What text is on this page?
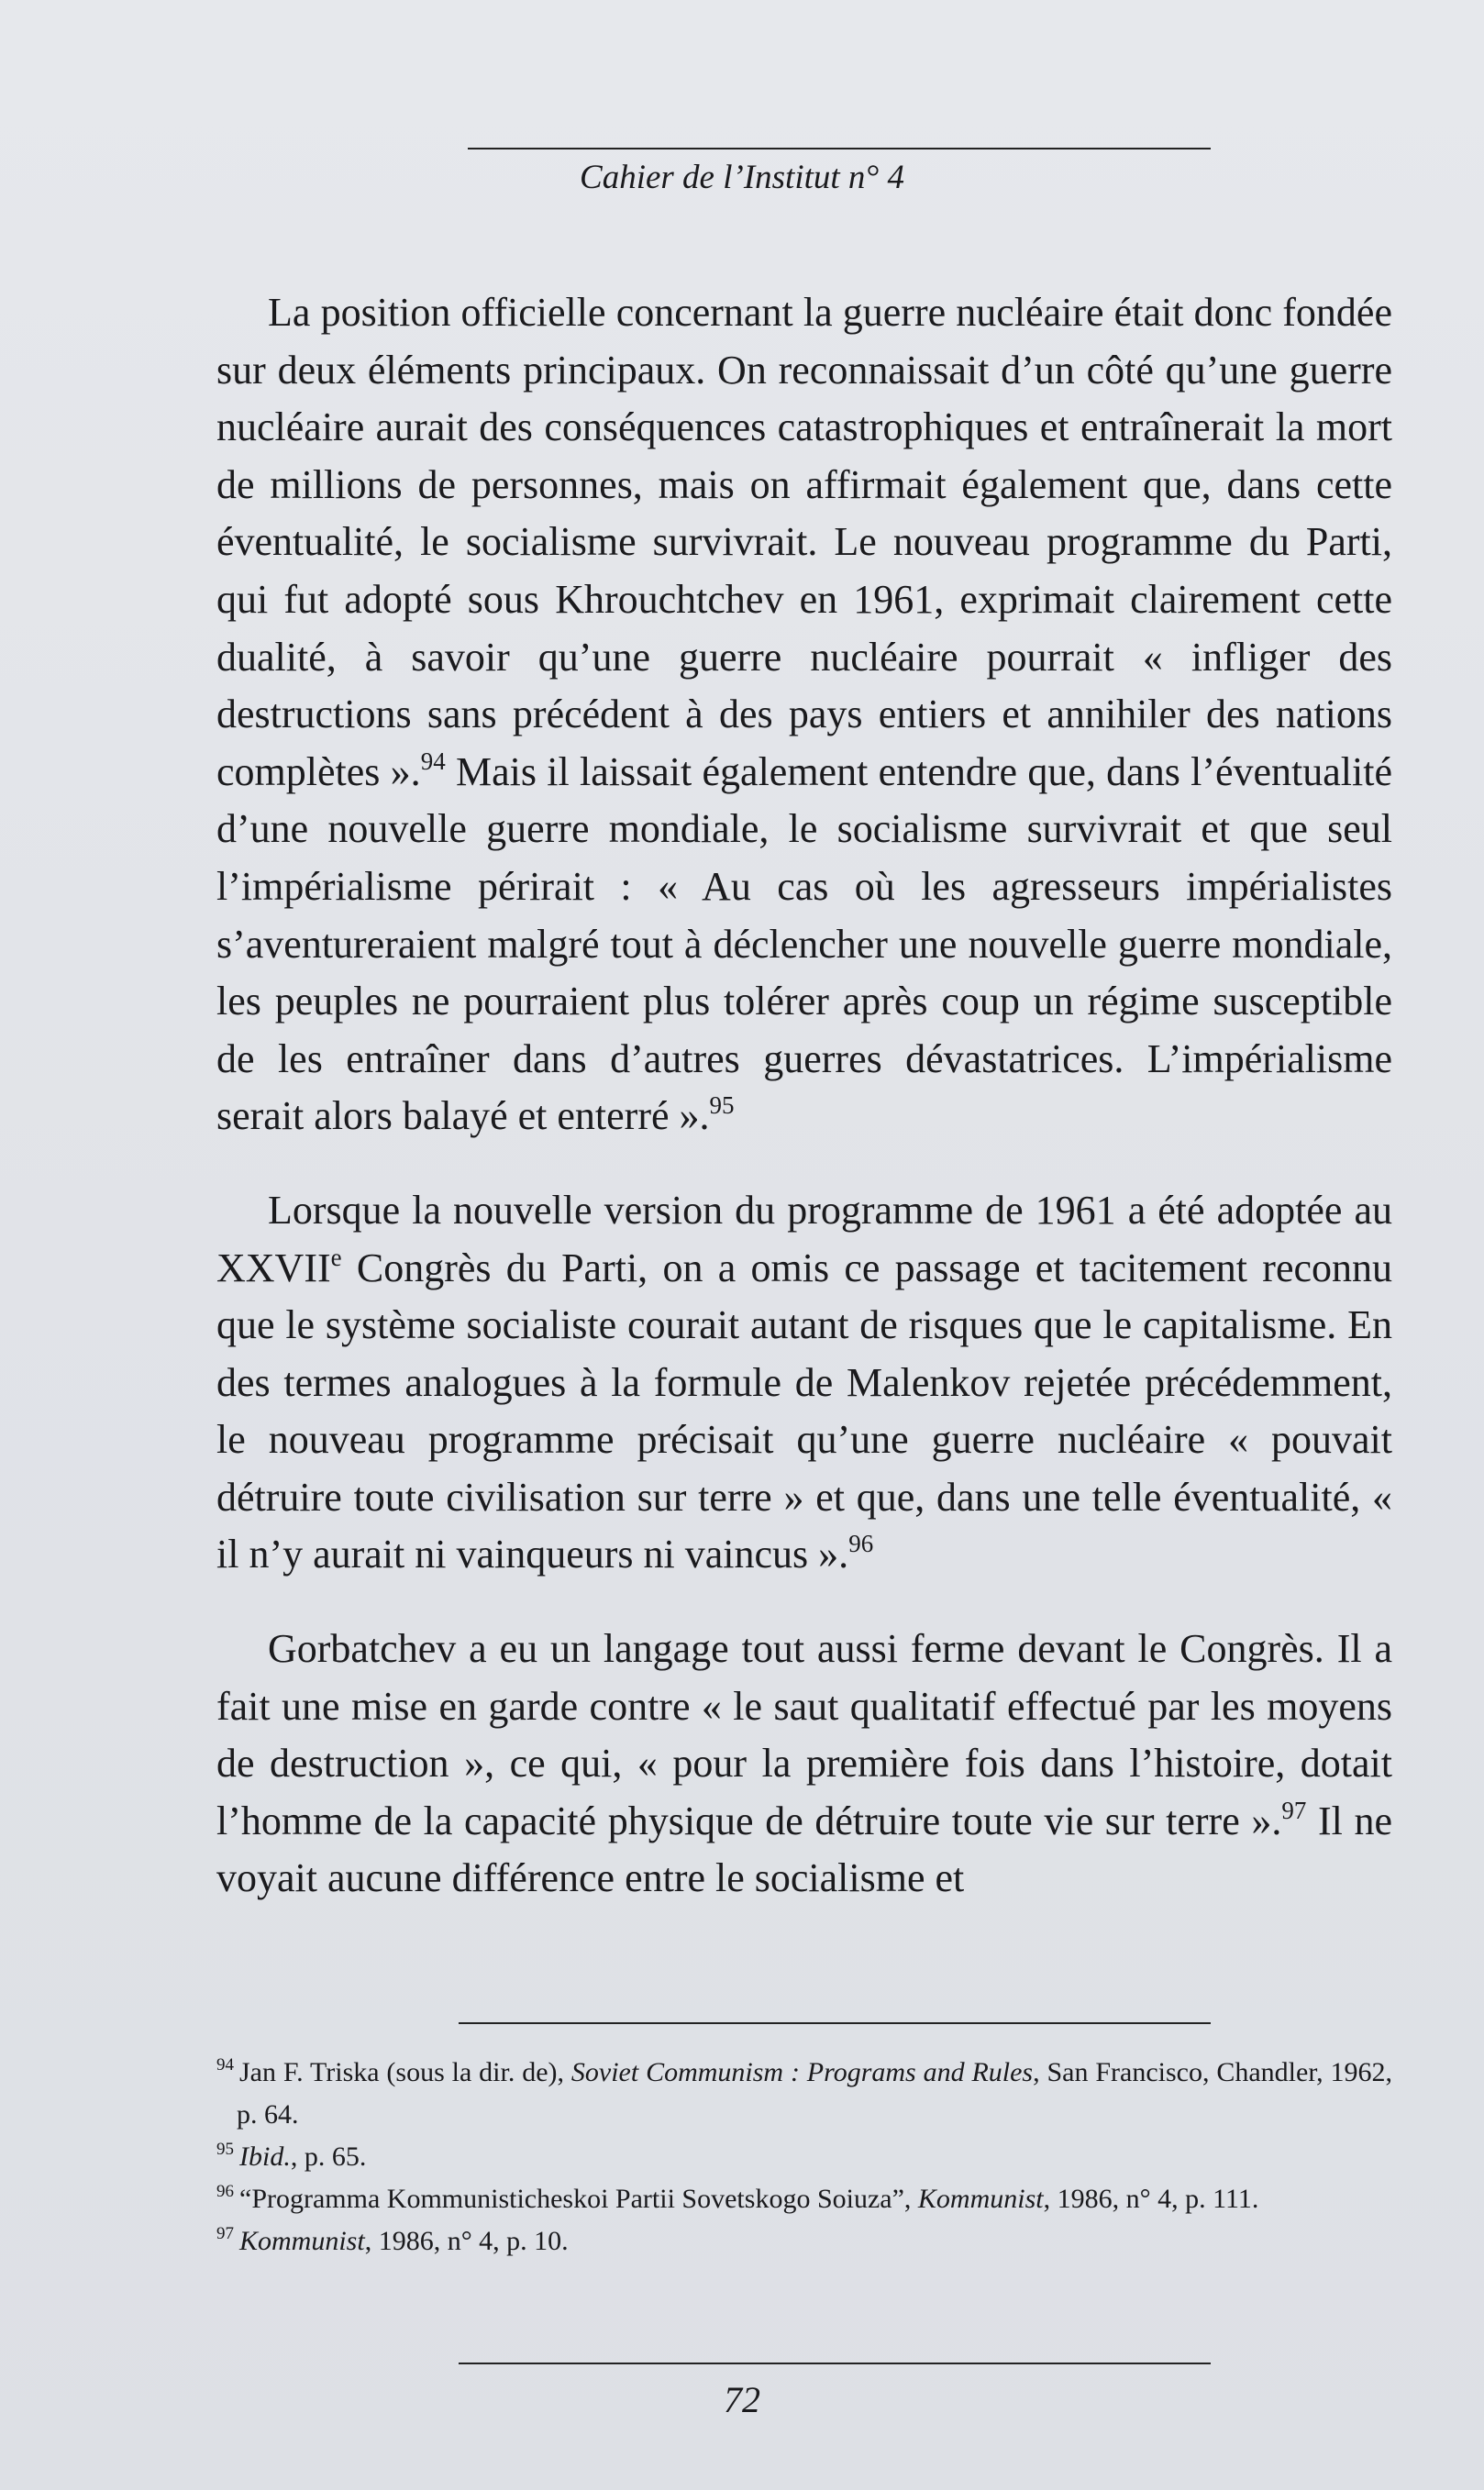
Cahier de l’Institut n° 4

La position officielle concernant la guerre nucléaire était donc fondée sur deux éléments principaux. On reconnaissait d’un côté qu’une guerre nucléaire aurait des conséquences catastrophiques et entraînerait la mort de millions de personnes, mais on affirmait également que, dans cette éventualité, le socialisme survivrait. Le nouveau programme du Parti, qui fut adopté sous Khrouchtchev en 1961, exprimait clairement cette dualité, à savoir qu’une guerre nucléaire pourrait « infliger des destructions sans précédent à des pays entiers et annihiler des nations complètes ».$^{94}$ Mais il laissait également entendre que, dans l’éventualité d’une nouvelle guerre mondiale, le socialisme survivrait et que seul l’impérialisme périrait : « Au cas où les agresseurs impérialistes s’aventureraient malgré tout à déclencher une nouvelle guerre mondiale, les peuples ne pourraient plus tolérer après coup un régime susceptible de les entraîner dans d’autres guerres dévastatrices. L’impérialisme serait alors balayé et enterré ».$^{95}$

Lorsque la nouvelle version du programme de 1961 a été adoptée au XXVIIe Congrès du Parti, on a omis ce passage et tacitement reconnu que le système socialiste courait autant de risques que le capitalisme. En des termes analogues à la formule de Malenkov rejetée précédemment, le nouveau programme précisait qu’une guerre nucléaire « pouvait détruire toute civilisation sur terre » et que, dans une telle éventualité, « il n’y aurait ni vainqueurs ni vaincus ».$^{96}$

Gorbatchev a eu un langage tout aussi ferme devant le Congrès. Il a fait une mise en garde contre « le saut qualitatif effectué par les moyens de destruction », ce qui, « pour la première fois dans l’histoire, dotait l’homme de la capacité physique de détruire toute vie sur terre ».$^{97}$ Il ne voyait aucune différence entre le socialisme et

$^{94}$ Jan F. Triska (sous la dir. de), Soviet Communism : Programs and Rules, San Francisco, Chandler, 1962, p. 64.
$^{95}$ Ibid., p. 65.
$^{96}$ “Programma Kommunisticheskoi Partii Sovetskogo Soiuza”, Kommunist, 1986, n° 4, p. 111.
$^{97}$ Kommunist, 1986, n° 4, p. 10.
72
